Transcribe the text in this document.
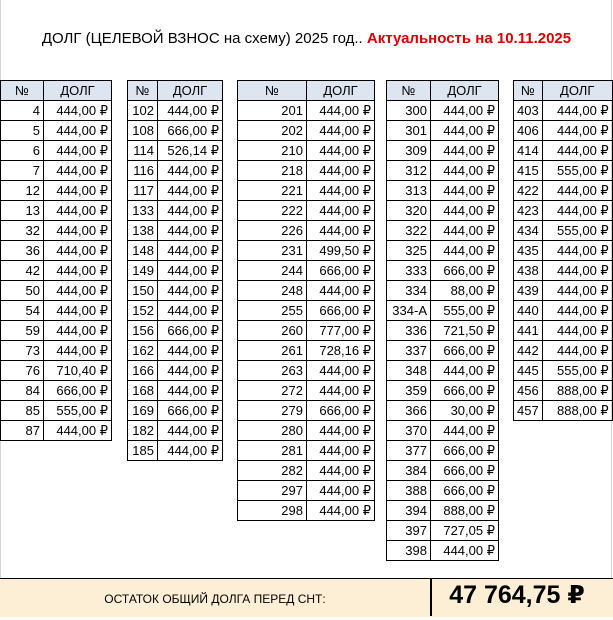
ДОЛГ (ЦЕЛЕВОЙ ВЗНОС на схему) 2025 год.. Актуальность на 10.11.2025
№	ДОЛГ
4	444,00 ₽
5	444,00 ₽
6	444,00 ₽
7	444,00 ₽
12	444,00 ₽
13	444,00 ₽
32	444,00 ₽
36	444,00 ₽
42	444,00 ₽
50	444,00 ₽
54	444,00 ₽
59	444,00 ₽
73	444,00 ₽
76	710,40 ₽
84	666,00 ₽
85	555,00 ₽
87	444,00 ₽
№	ДОЛГ
102	444,00 ₽
108	666,00 ₽
114	526,14 ₽
116	444,00 ₽
117	444,00 ₽
133	444,00 ₽
138	444,00 ₽
148	444,00 ₽
149	444,00 ₽
150	444,00 ₽
152	444,00 ₽
156	666,00 ₽
162	444,00 ₽
166	444,00 ₽
168	444,00 ₽
169	666,00 ₽
182	444,00 ₽
185	444,00 ₽
№	ДОЛГ
201	444,00 ₽
202	444,00 ₽
210	444,00 ₽
218	444,00 ₽
221	444,00 ₽
222	444,00 ₽
226	444,00 ₽
231	499,50 ₽
244	666,00 ₽
248	444,00 ₽
255	666,00 ₽
260	777,00 ₽
261	728,16 ₽
263	444,00 ₽
272	444,00 ₽
279	666,00 ₽
280	444,00 ₽
281	444,00 ₽
282	444,00 ₽
297	444,00 ₽
298	444,00 ₽
№	ДОЛГ
300	444,00 ₽
301	444,00 ₽
309	444,00 ₽
312	444,00 ₽
313	444,00 ₽
320	444,00 ₽
322	444,00 ₽
325	444,00 ₽
333	666,00 ₽
334	88,00 ₽
334-А	555,00 ₽
336	721,50 ₽
337	666,00 ₽
348	444,00 ₽
359	666,00 ₽
366	30,00 ₽
370	444,00 ₽
377	666,00 ₽
384	666,00 ₽
388	666,00 ₽
394	888,00 ₽
397	727,05 ₽
398	444,00 ₽
№	ДОЛГ
403	444,00 ₽
406	444,00 ₽
414	444,00 ₽
415	555,00 ₽
422	444,00 ₽
423	444,00 ₽
434	555,00 ₽
435	444,00 ₽
438	444,00 ₽
439	444,00 ₽
440	444,00 ₽
441	444,00 ₽
442	444,00 ₽
445	555,00 ₽
456	888,00 ₽
457	888,00 ₽
ОСТАТОК ОБЩИЙ ДОЛГА ПЕРЕД СНТ:	47 764,75 ₽
